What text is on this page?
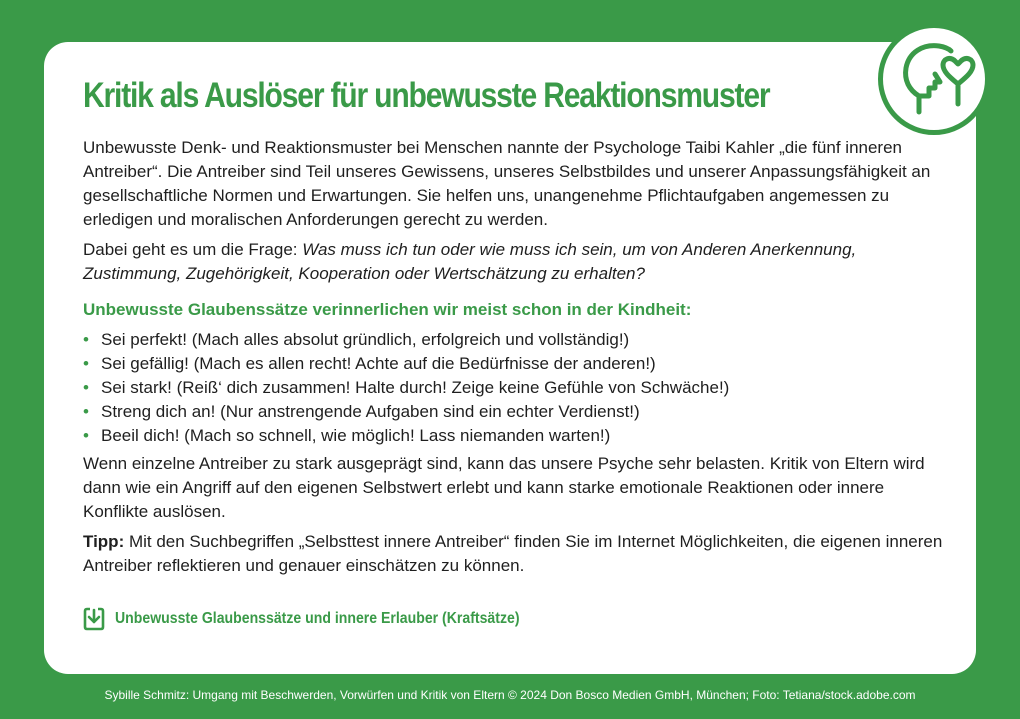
Kritik als Auslöser für unbewusste Reaktionsmuster

Unbewusste Denk- und Reaktionsmuster bei Menschen nannte der Psychologe Taibi Kahler „die fünf inneren Antreiber“. Die Antreiber sind Teil unseres Gewissens, unseres Selbstbildes und unserer Anpassungsfähigkeit an gesellschaftliche Normen und Erwartungen. Sie helfen uns, unangenehme Pflichtaufgaben angemessen zu erledigen und moralischen Anforderungen gerecht zu werden.

Dabei geht es um die Frage: Was muss ich tun oder wie muss ich sein, um von Anderen Anerkennung, Zustimmung, Zugehörigkeit, Kooperation oder Wertschätzung zu erhalten?

Unbewusste Glaubenssätze verinnerlichen wir meist schon in der Kindheit:

• Sei perfekt! (Mach alles absolut gründlich, erfolgreich und vollständig!)
• Sei gefällig! (Mach es allen recht! Achte auf die Bedürfnisse der anderen!)
• Sei stark! (Reiß‘ dich zusammen! Halte durch! Zeige keine Gefühle von Schwäche!)
• Streng dich an! (Nur anstrengende Aufgaben sind ein echter Verdienst!)
• Beeil dich! (Mach so schnell, wie möglich! Lass niemanden warten!)

Wenn einzelne Antreiber zu stark ausgeprägt sind, kann das unsere Psyche sehr belasten. Kritik von Eltern wird dann wie ein Angriff auf den eigenen Selbstwert erlebt und kann starke emotionale Reaktionen oder innere Konflikte auslösen.

Tipp: Mit den Suchbegriffen „Selbsttest innere Antreiber“ finden Sie im Internet Möglichkeiten, die eigenen inneren Antreiber reflektieren und genauer einschätzen zu können.

Unbewusste Glaubenssätze und innere Erlauber (Kraftsätze)
Sybille Schmitz: Umgang mit Beschwerden, Vorwürfen und Kritik von Eltern © 2024 Don Bosco Medien GmbH, München; Foto: Tetiana/stock.adobe.com
